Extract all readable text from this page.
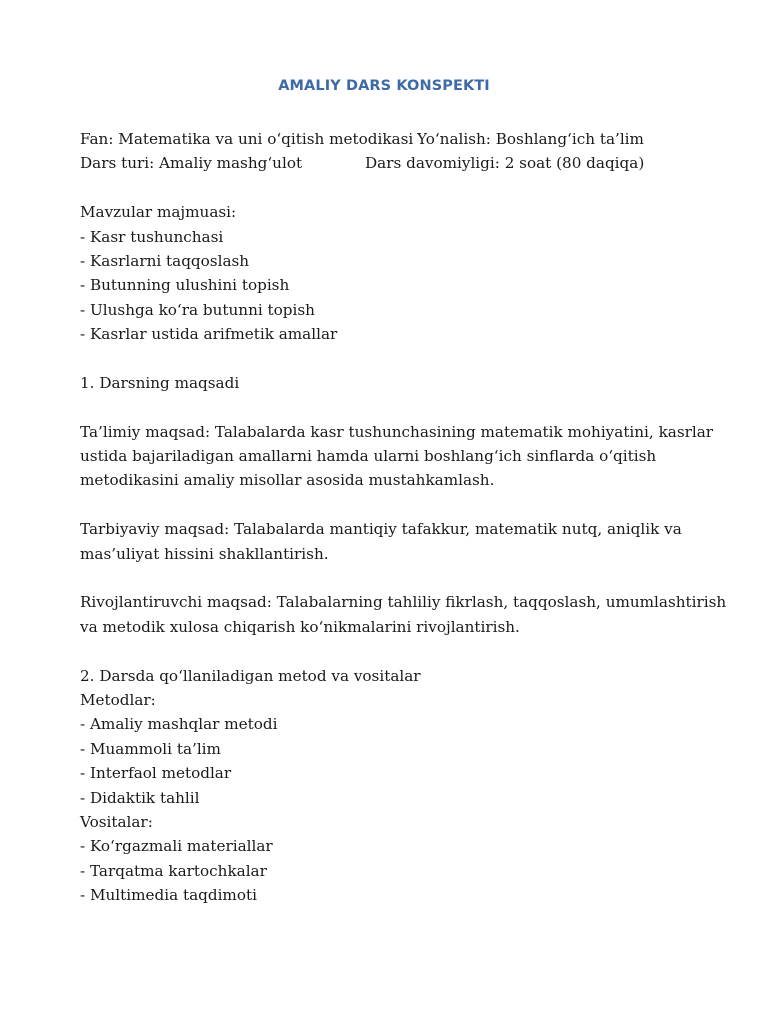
AMALIY DARS KONSPEKTI
Fan: Matematika va uni o‘qitish metodikasi Yo‘nalish: Boshlang‘ich ta’lim
Dars turi: Amaliy mashg‘ulot	Dars davomiyligi: 2 soat (80 daqiqa)
Mavzular majmuasi:
- Kasr tushunchasi
- Kasrlarni taqqoslash
- Butunning ulushini topish
- Ulushga ko‘ra butunni topish
- Kasrlar ustida arifmetik amallar
1. Darsning maqsadi
Ta’limiy maqsad: Talabalarda kasr tushunchasining matematik mohiyatini, kasrlar
ustida bajariladigan amallarni hamda ularni boshlang‘ich sinflarda o‘qitish
metodikasini amaliy misollar asosida mustahkamlash.
Tarbiyaviy maqsad: Talabalarda mantiqiy tafakkur, matematik nutq, aniqlik va
mas’uliyat hissini shakllantirish.
Rivojlantiruvchi maqsad: Talabalarning tahliliy fikrlash, taqqoslash, umumlashtirish
va metodik xulosa chiqarish ko‘nikmalarini rivojlantirish.
2. Darsda qo‘llaniladigan metod va vositalar
Metodlar:
- Amaliy mashqlar metodi
- Muammoli ta’lim
- Interfaol metodlar
- Didaktik tahlil
Vositalar:
- Ko‘rgazmali materiallar
- Tarqatma kartochkalar
- Multimedia taqdimoti
